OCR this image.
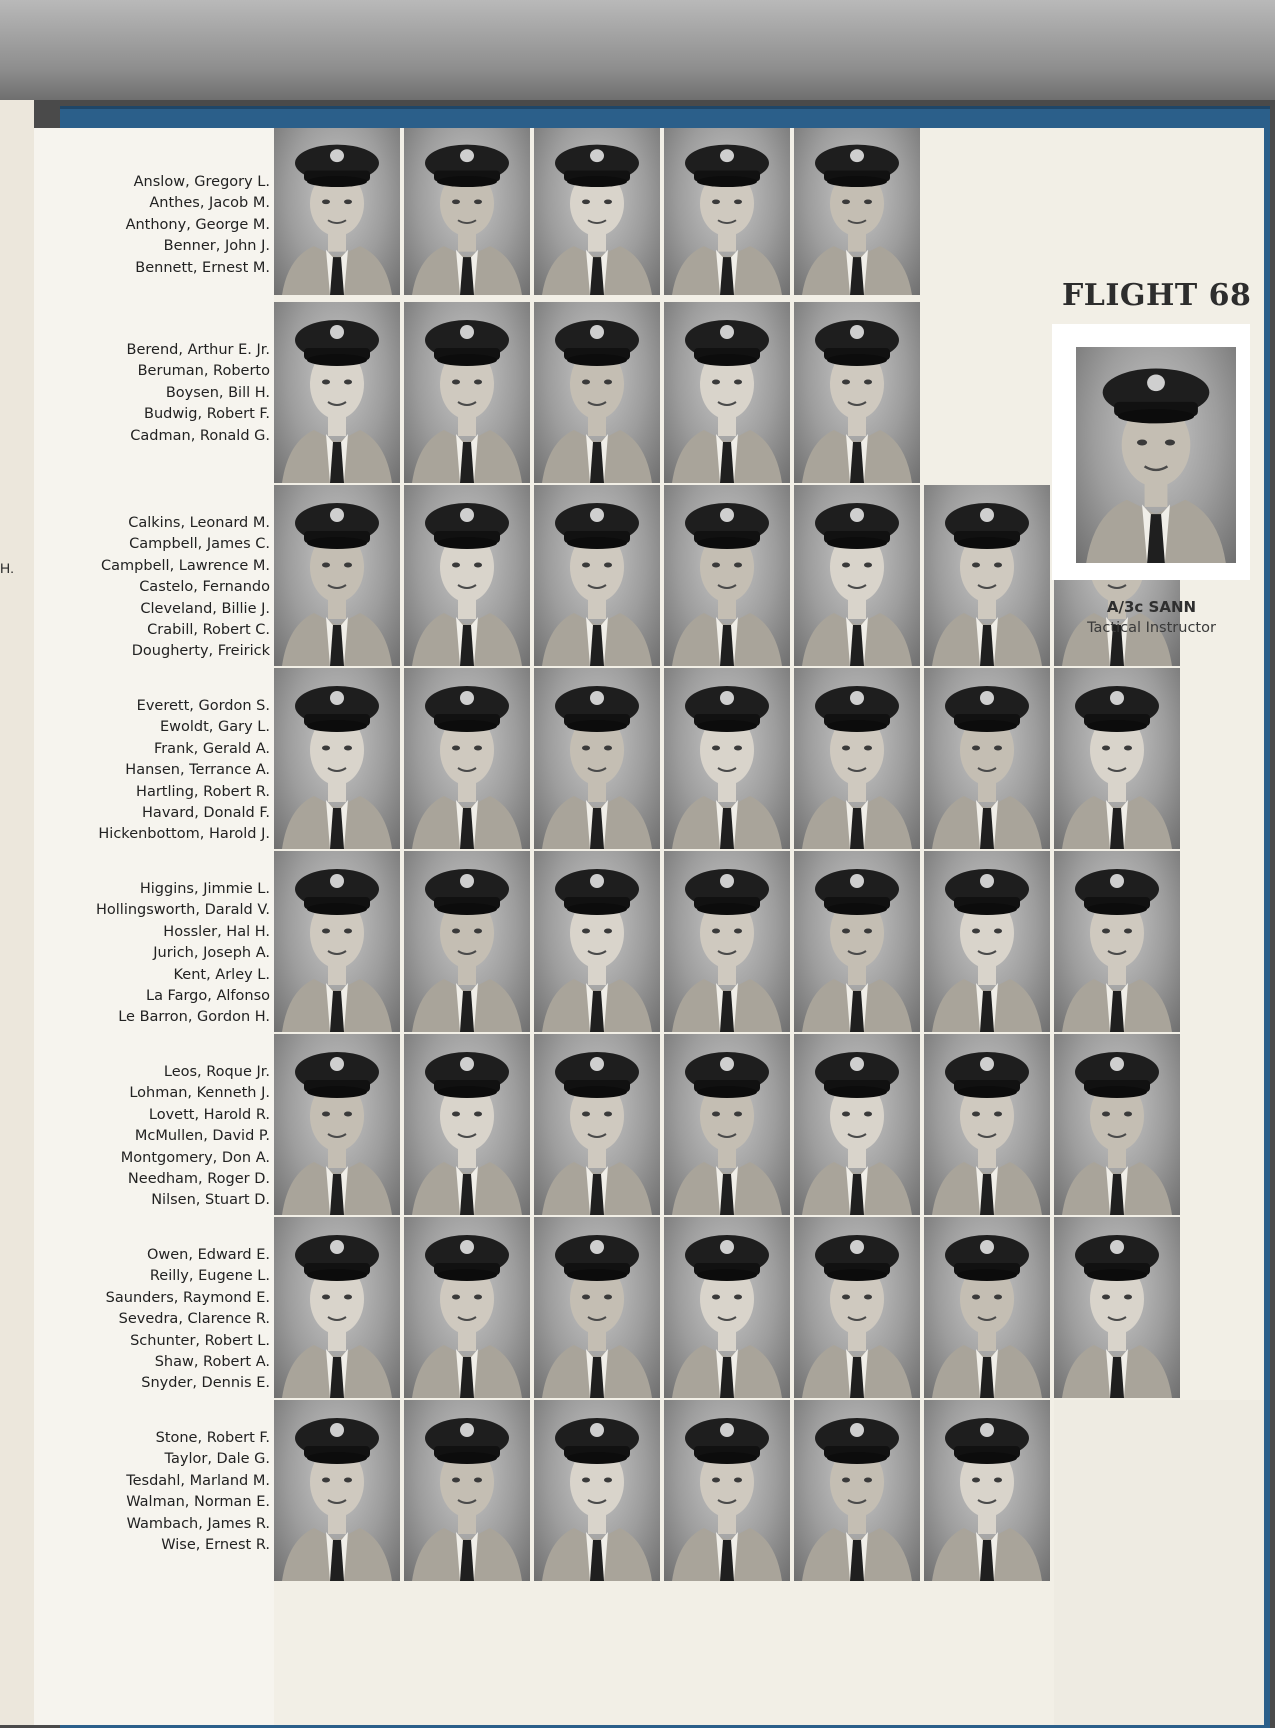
H.
Anslow, Gregory L.
Anthes, Jacob M.
Anthony, George M.
Benner, John J.
Bennett, Ernest M.
Berend, Arthur E. Jr.
Beruman, Roberto
Boysen, Bill H.
Budwig, Robert F.
Cadman, Ronald G.
Calkins, Leonard M.
Campbell, James C.
Campbell, Lawrence M.
Castelo, Fernando
Cleveland, Billie J.
Crabill, Robert C.
Dougherty, Freirick
Everett, Gordon S.
Ewoldt, Gary L.
Frank, Gerald A.
Hansen, Terrance A.
Hartling, Robert R.
Havard, Donald F.
Hickenbottom, Harold J.
Higgins, Jimmie L.
Hollingsworth, Darald V.
Hossler, Hal H.
Jurich, Joseph A.
Kent, Arley L.
La Fargo, Alfonso
Le Barron, Gordon H.
Leos, Roque Jr.
Lohman, Kenneth J.
Lovett, Harold R.
McMullen, David P.
Montgomery, Don A.
Needham, Roger D.
Nilsen, Stuart D.
Owen, Edward E.
Reilly, Eugene L.
Saunders, Raymond E.
Sevedra, Clarence R.
Schunter, Robert L.
Shaw, Robert A.
Snyder, Dennis E.
Stone, Robert F.
Taylor, Dale G.
Tesdahl, Marland M.
Walman, Norman E.
Wambach, James R.
Wise, Ernest R.
FLIGHT 68
A/3c SANN
Tactical Instructor
